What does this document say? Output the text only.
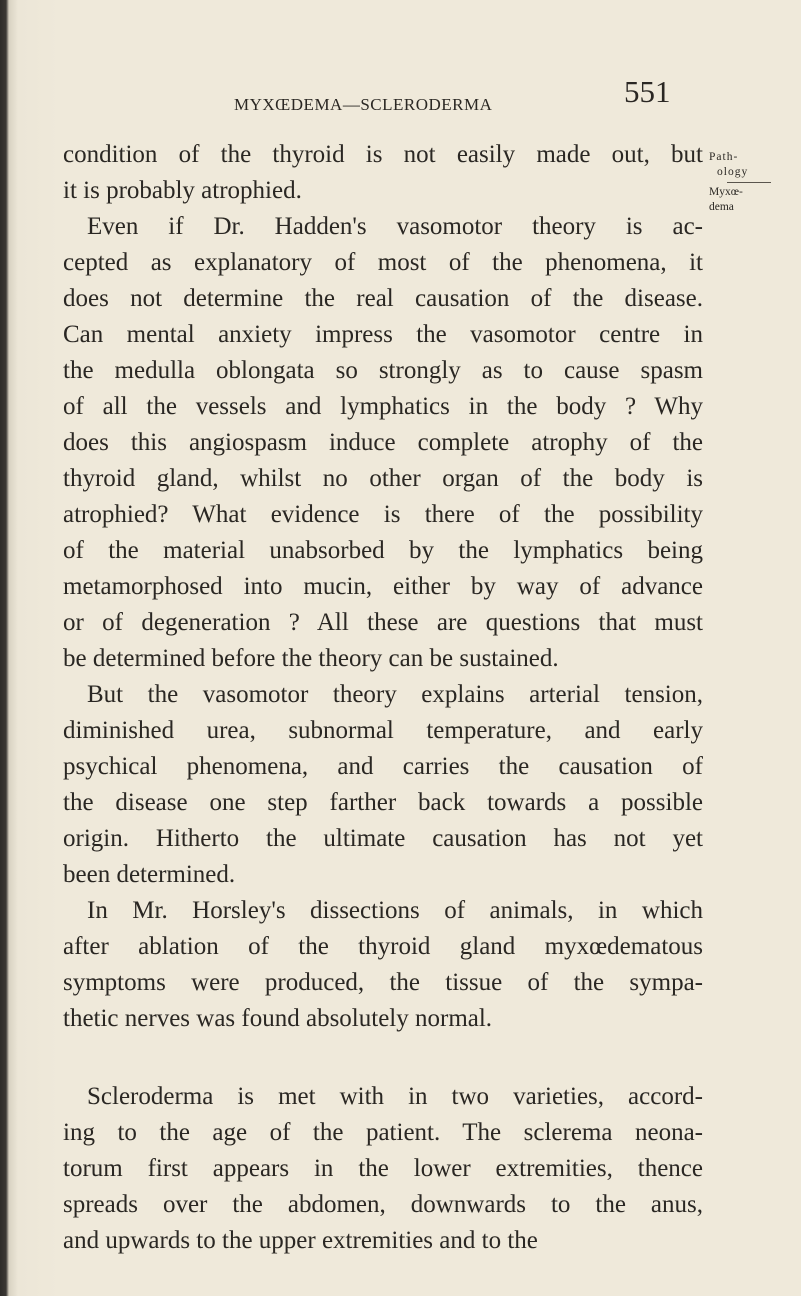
MYXŒDEMA—SCLERODERMA	551
Path-
ology
Myxœ-
dema
condition of the thyroid is not easily made out, but
it is probably atrophied.
Even if Dr. Hadden's vasomotor theory is ac-
cepted as explanatory of most of the phenomena, it
does not determine the real causation of the disease.
Can mental anxiety impress the vasomotor centre in
the medulla oblongata so strongly as to cause spasm
of all the vessels and lymphatics in the body ? Why
does this angiospasm induce complete atrophy of the
thyroid gland, whilst no other organ of the body is
atrophied? What evidence is there of the possibility
of the material unabsorbed by the lymphatics being
metamorphosed into mucin, either by way of advance
or of degeneration ? All these are questions that must
be determined before the theory can be sustained.
But the vasomotor theory explains arterial tension,
diminished urea, subnormal temperature, and early
psychical phenomena, and carries the causation of
the disease one step farther back towards a possible
origin. Hitherto the ultimate causation has not yet
been determined.
In Mr. Horsley's dissections of animals, in which
after ablation of the thyroid gland myxœdematous
symptoms were produced, the tissue of the sympa-
thetic nerves was found absolutely normal.
Scleroderma is met with in two varieties, accord-
ing to the age of the patient. The sclerema neona-
torum first appears in the lower extremities, thence
spreads over the abdomen, downwards to the anus,
and upwards to the upper extremities and to the
